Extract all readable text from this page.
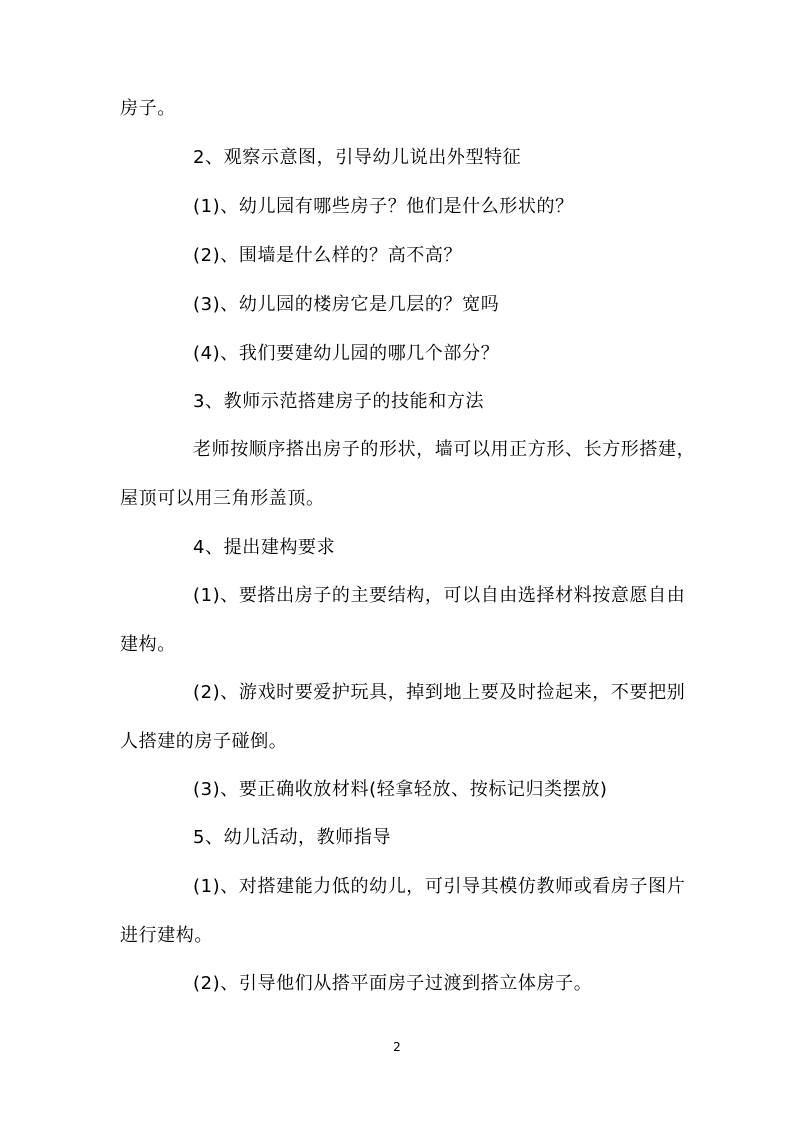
房子。
2、观察示意图，引导幼儿说出外型特征
(1)、幼儿园有哪些房子？他们是什么形状的？
(2)、围墙是什么样的？高不高？
(3)、幼儿园的楼房它是几层的？宽吗
(4)、我们要建幼儿园的哪几个部分？
3、教师示范搭建房子的技能和方法
老师按顺序搭出房子的形状，墙可以用正方形、长方形搭建，
屋顶可以用三角形盖顶。
4、提出建构要求
(1)、要搭出房子的主要结构，可以自由选择材料按意愿自由
建构。
(2)、游戏时要爱护玩具，掉到地上要及时捡起来，不要把别
人搭建的房子碰倒。
(3)、要正确收放材料(轻拿轻放、按标记归类摆放)
5、幼儿活动，教师指导
(1)、对搭建能力低的幼儿，可引导其模仿教师或看房子图片
进行建构。
(2)、引导他们从搭平面房子过渡到搭立体房子。
2
